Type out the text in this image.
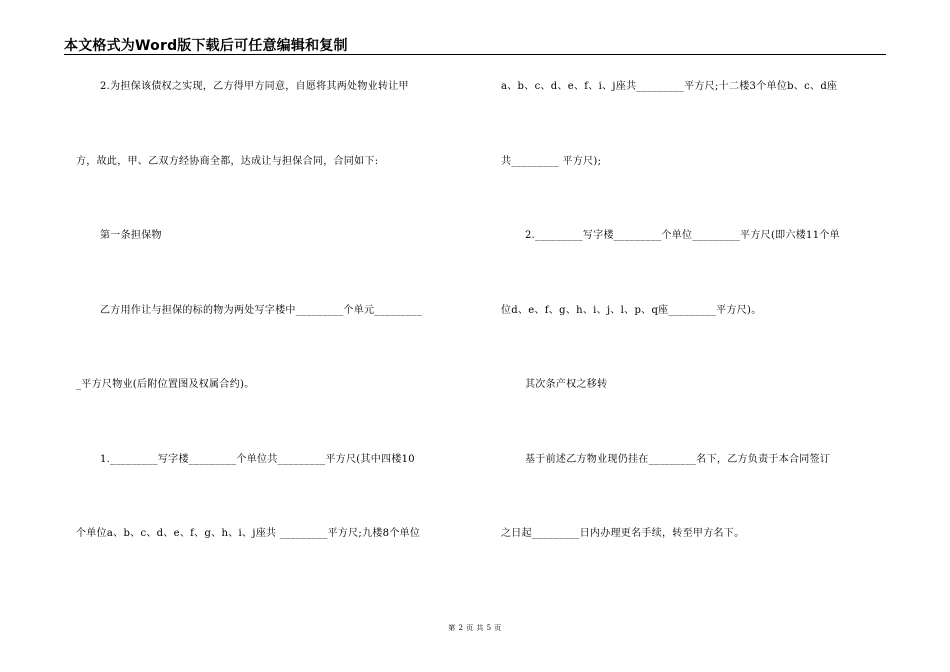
本文格式为Word版下载后可任意编辑和复制
2.为担保该债权之实现，乙方得甲方同意，自愿将其两处物业转让甲
方，故此，甲、乙双方经协商全都，达成让与担保合同，合同如下:
第一条担保物
乙方用作让与担保的标的物为两处写字楼中_________个单元_________
_平方尺物业(后附位置图及权属合约)。
1._________写字楼_________个单位共_________平方尺(其中四楼10
个单位a、b、c、d、e、f、g、h、i、j座共 _________平方尺;九楼8个单位
a、b、c、d、e、f、i、j座共_________平方尺;十二楼3个单位b、c、d座
共_________ 平方尺);
2._________写字楼_________个单位_________平方尺(即六楼11个单
位d、e、f、g、h、i、j、l、p、q座_________平方尺)。
其次条产权之移转
基于前述乙方物业现仍挂在_________名下，乙方负责于本合同签订
之日起_________日内办理更名手续，转至甲方名下。
第 2 页 共 5 页
